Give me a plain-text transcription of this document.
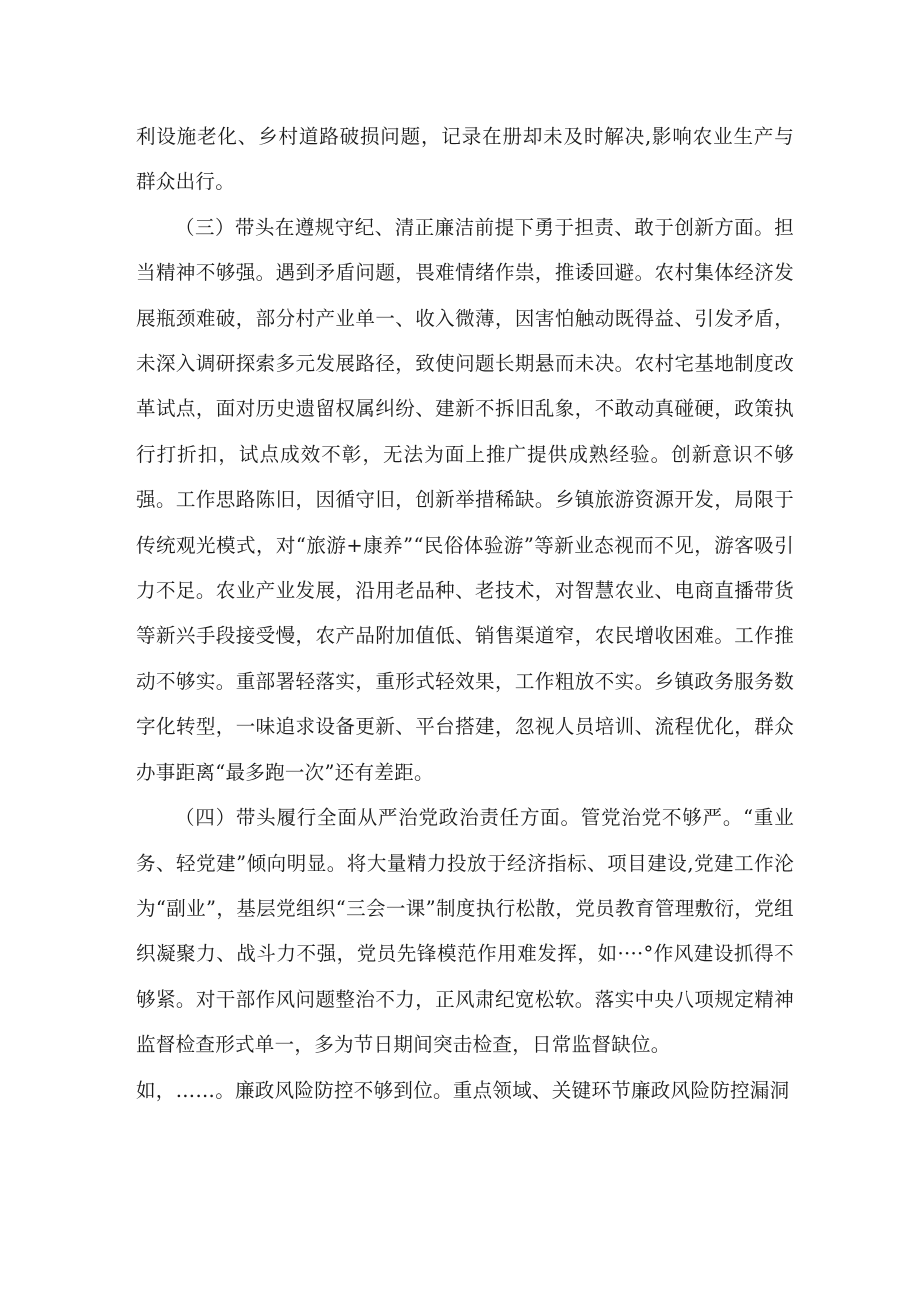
利设施老化、乡村道路破损问题，记录在册却未及时解决,影响农业生产与群众出行。

（三）带头在遵规守纪、清正廉洁前提下勇于担责、敢于创新方面。担当精神不够强。遇到矛盾问题，畏难情绪作祟，推诿回避。农村集体经济发展瓶颈难破，部分村产业单一、收入微薄，因害怕触动既得益、引发矛盾，未深入调研探索多元发展路径，致使问题长期悬而未决。农村宅基地制度改革试点，面对历史遗留权属纠纷、建新不拆旧乱象，不敢动真碰硬，政策执行打折扣，试点成效不彰，无法为面上推广提供成熟经验。创新意识不够强。工作思路陈旧，因循守旧，创新举措稀缺。乡镇旅游资源开发，局限于传统观光模式，对“旅游+康养”“民俗体验游”等新业态视而不见，游客吸引力不足。农业产业发展，沿用老品种、老技术，对智慧农业、电商直播带货等新兴手段接受慢，农产品附加值低、销售渠道窄，农民增收困难。工作推动不够实。重部署轻落实，重形式轻效果，工作粗放不实。乡镇政务服务数字化转型，一味追求设备更新、平台搭建，忽视人员培训、流程优化，群众办事距离“最多跑一次”还有差距。

（四）带头履行全面从严治党政治责任方面。管党治党不够严。“重业务、轻党建”倾向明显。将大量精力投放于经济指标、项目建设,党建工作沦为“副业”，基层党组织“三会一课”制度执行松散，党员教育管理敷衍，党组织凝聚力、战斗力不强，党员先锋模范作用难发挥，如····°作风建设抓得不够紧。对干部作风问题整治不力，正风肃纪宽松软。落实中央八项规定精神监督检查形式单一，多为节日期间突击检查，日常监督缺位。

如，……。廉政风险防控不够到位。重点领域、关键环节廉政风险防控漏洞
